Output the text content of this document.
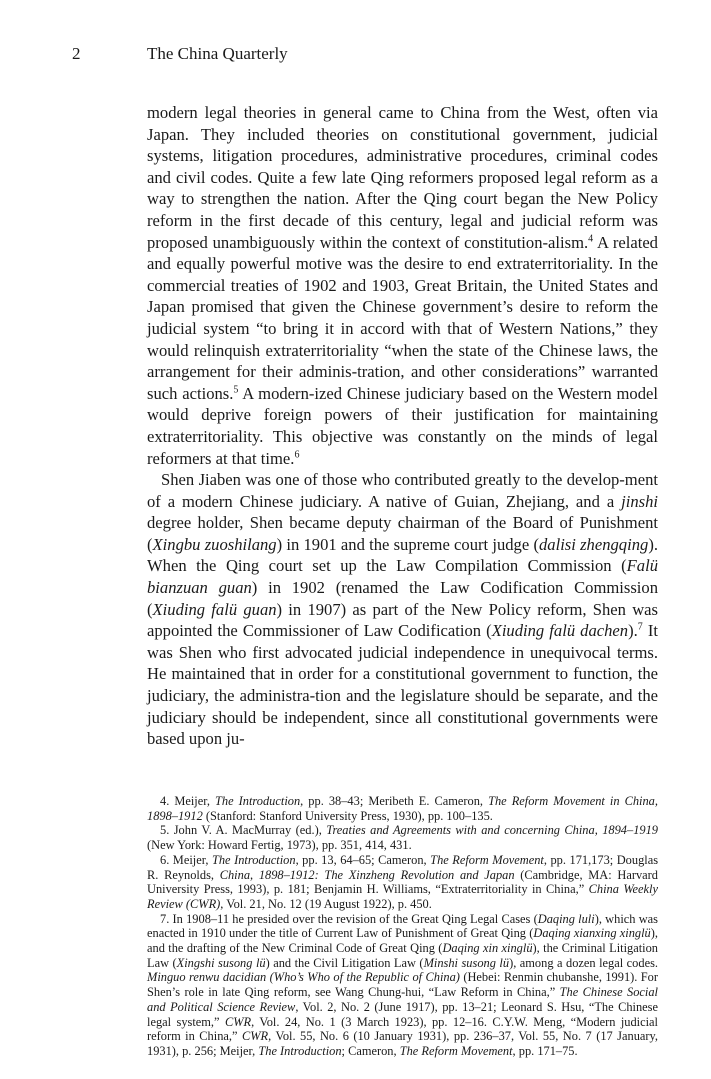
2	The China Quarterly

modern legal theories in general came to China from the West, often via Japan. They included theories on constitutional government, judicial systems, litigation procedures, administrative procedures, criminal codes and civil codes. Quite a few late Qing reformers proposed legal reform as a way to strengthen the nation. After the Qing court began the New Policy reform in the first decade of this century, legal and judicial reform was proposed unambiguously within the context of constitution-alism.$^4$ A related and equally powerful motive was the desire to end extraterritoriality. In the commercial treaties of 1902 and 1903, Great Britain, the United States and Japan promised that given the Chinese government’s desire to reform the judicial system “to bring it in accord with that of Western Nations,” they would relinquish extraterritoriality “when the state of the Chinese laws, the arrangement for their adminis-tration, and other considerations” warranted such actions.$^5$ A modern-ized Chinese judiciary based on the Western model would deprive foreign powers of their justification for maintaining extraterritoriality. This objective was constantly on the minds of legal reformers at that time.$^6$

Shen Jiaben was one of those who contributed greatly to the develop-ment of a modern Chinese judiciary. A native of Guian, Zhejiang, and a jinshi degree holder, Shen became deputy chairman of the Board of Punishment (Xingbu zuoshilang) in 1901 and the supreme court judge (dalisi zhengqing). When the Qing court set up the Law Compilation Commission (Falü bianzuan guan) in 1902 (renamed the Law Codification Commission (Xiuding falü guan) in 1907) as part of the New Policy reform, Shen was appointed the Commissioner of Law Codification (Xiuding falü dachen).$^7$ It was Shen who first advocated judicial independence in unequivocal terms. He maintained that in order for a constitutional government to function, the judiciary, the administra-tion and the legislature should be separate, and the judiciary should be independent, since all constitutional governments were based upon ju-

4. Meijer, The Introduction, pp. 38–43; Meribeth E. Cameron, The Reform Movement in China, 1898–1912 (Stanford: Stanford University Press, 1930), pp. 100–135.

5. John V. A. MacMurray (ed.), Treaties and Agreements with and concerning China, 1894–1919 (New York: Howard Fertig, 1973), pp. 351, 414, 431.

6. Meijer, The Introduction, pp. 13, 64–65; Cameron, The Reform Movement, pp. 171,173; Douglas R. Reynolds, China, 1898–1912: The Xinzheng Revolution and Japan (Cambridge, MA: Harvard University Press, 1993), p. 181; Benjamin H. Williams, “Extraterritoriality in China,” China Weekly Review (CWR), Vol. 21, No. 12 (19 August 1922), p. 450.

7. In 1908–11 he presided over the revision of the Great Qing Legal Cases (Daqing luli), which was enacted in 1910 under the title of Current Law of Punishment of Great Qing (Daqing xianxing xinglü), and the drafting of the New Criminal Code of Great Qing (Daqing xin xinglü), the Criminal Litigation Law (Xingshi susong lü) and the Civil Litigation Law (Minshi susong lü), among a dozen legal codes. Minguo renwu dacidian (Who’s Who of the Republic of China) (Hebei: Renmin chubanshe, 1991). For Shen’s role in late Qing reform, see Wang Chung-hui, “Law Reform in China,” The Chinese Social and Political Science Review, Vol. 2, No. 2 (June 1917), pp. 13–21; Leonard S. Hsu, “The Chinese legal system,” CWR, Vol. 24, No. 1 (3 March 1923), pp. 12–16. C.Y.W. Meng, “Modern judicial reform in China,” CWR, Vol. 55, No. 6 (10 January 1931), pp. 236–37, Vol. 55, No. 7 (17 January, 1931), p. 256; Meijer, The Introduction; Cameron, The Reform Movement, pp. 171–75.
